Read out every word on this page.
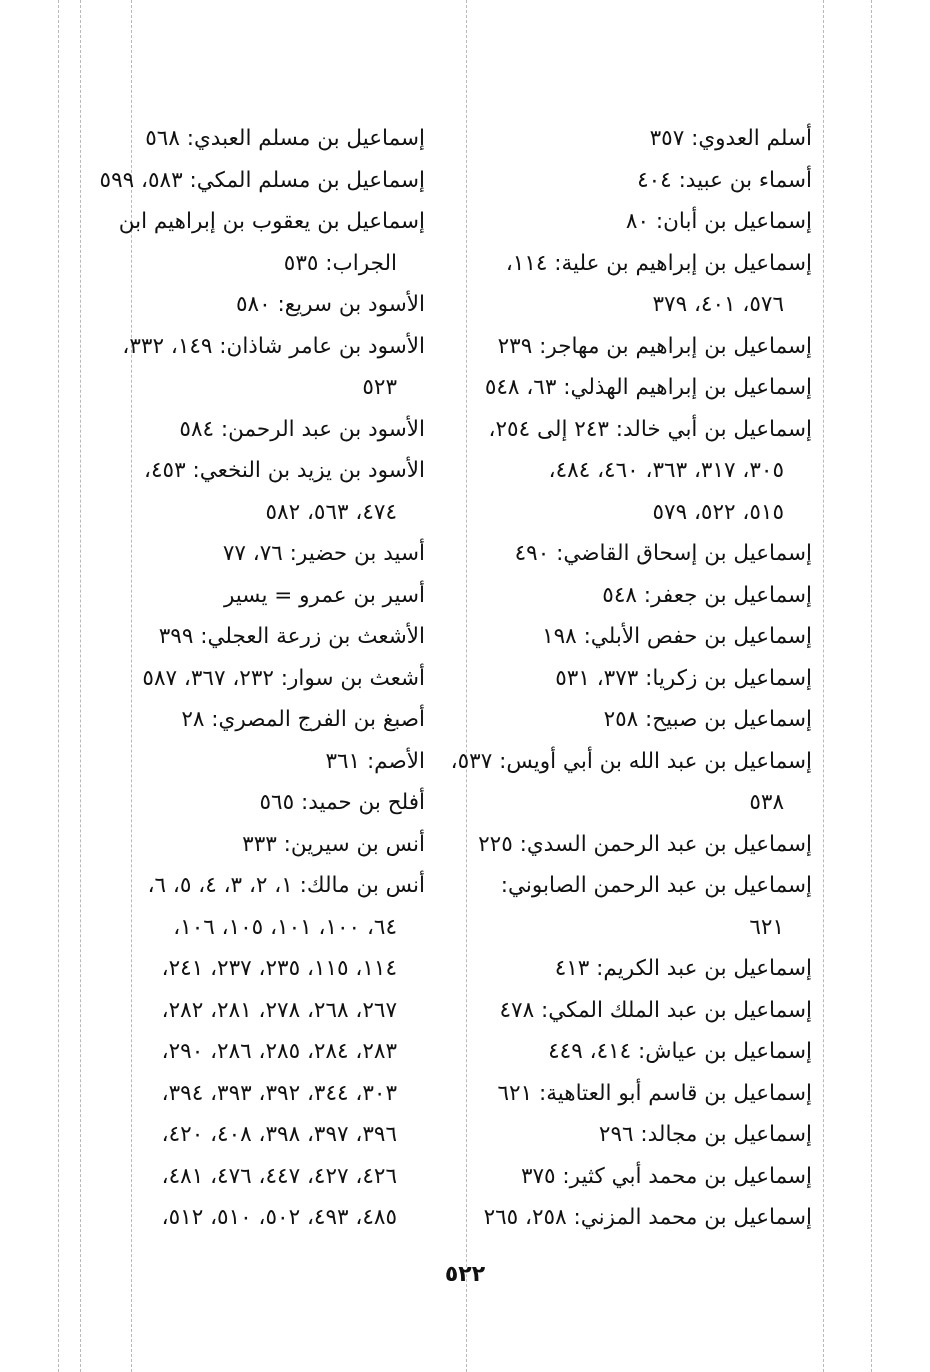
أسلم العدوي: ٣٥٧
أسماء بن عبيد: ٤٠٤
إسماعيل بن أبان: ٨٠
إسماعيل بن إبراهيم بن علية: ١١٤،
٥٧٦، ٤٠١، ٣٧٩
إسماعيل بن إبراهيم بن مهاجر: ٢٣٩
إسماعيل بن إبراهيم الهذلي: ٦٣، ٥٤٨
إسماعيل بن أبي خالد: ٢٤٣ إلى ٢٥٤،
٣٠٥، ٣١٧، ٣٦٣، ٤٦٠، ٤٨٤،
٥١٥، ٥٢٢، ٥٧٩
إسماعيل بن إسحاق القاضي: ٤٩٠
إسماعيل بن جعفر: ٥٤٨
إسماعيل بن حفص الأبلي: ١٩٨
إسماعيل بن زكريا: ٣٧٣، ٥٣١
إسماعيل بن صبيح: ٢٥٨
إسماعيل بن عبد الله بن أبي أويس: ٥٣٧،
٥٣٨
إسماعيل بن عبد الرحمن السدي: ٢٢٥
إسماعيل بن عبد الرحمن الصابوني:
٦٢١
إسماعيل بن عبد الكريم: ٤١٣
إسماعيل بن عبد الملك المكي: ٤٧٨
إسماعيل بن عياش: ٤١٤، ٤٤٩
إسماعيل بن قاسم أبو العتاهية: ٦٢١
إسماعيل بن مجالد: ٢٩٦
إسماعيل بن محمد أبي كثير: ٣٧٥
إسماعيل بن محمد المزني: ٢٥٨، ٢٦٥
إسماعيل بن مسلم العبدي: ٥٦٨
إسماعيل بن مسلم المكي: ٥٨٣، ٥٩٩
إسماعيل بن يعقوب بن إبراهيم ابن
الجراب: ٥٣٥
الأسود بن سريع: ٥٨٠
الأسود بن عامر شاذان: ١٤٩، ٣٣٢،
٥٢٣
الأسود بن عبد الرحمن: ٥٨٤
الأسود بن يزيد بن النخعي: ٤٥٣،
٤٧٤، ٥٦٣، ٥٨٢
أسيد بن حضير: ٧٦، ٧٧
أسير بن عمرو = يسير
الأشعث بن زرعة العجلي: ٣٩٩
أشعث بن سوار: ٢٣٢، ٣٦٧، ٥٨٧
أصبغ بن الفرج المصري: ٢٨
الأصم: ٣٦١
أفلح بن حميد: ٥٦٥
أنس بن سيرين: ٣٣٣
أنس بن مالك: ١، ٢، ٣، ٤، ٥، ٦،
٦٤، ١٠٠، ١٠١، ١٠٥، ١٠٦،
١١٤، ١١٥، ٢٣٥، ٢٣٧، ٢٤١،
٢٦٧، ٢٦٨، ٢٧٨، ٢٨١، ٢٨٢،
٢٨٣، ٢٨٤، ٢٨٥، ٢٨٦، ٢٩٠،
٣٠٣، ٣٤٤، ٣٩٢، ٣٩٣، ٣٩٤،
٣٩٦، ٣٩٧، ٣٩٨، ٤٠٨، ٤٢٠،
٤٢٦، ٤٢٧، ٤٤٧، ٤٧٦، ٤٨١،
٤٨٥، ٤٩٣، ٥٠٢، ٥١٠، ٥١٢،
٥٢٢
